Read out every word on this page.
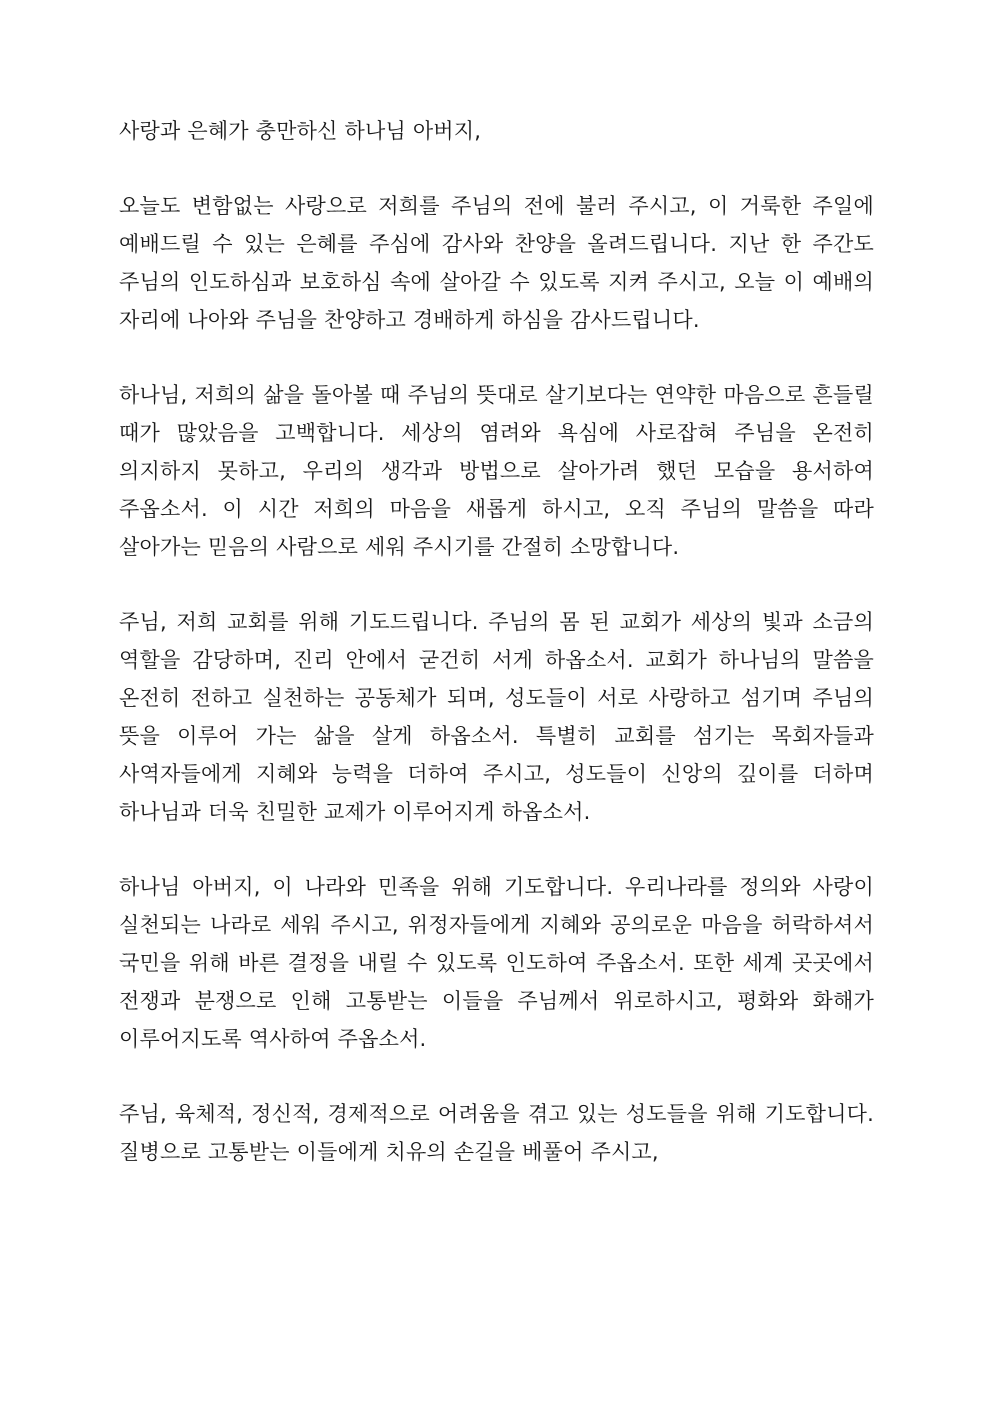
사랑과 은혜가 충만하신 하나님 아버지,

오늘도 변함없는 사랑으로 저희를 주님의 전에 불러 주시고, 이 거룩한 주일에 예배드릴 수 있는 은혜를 주심에 감사와 찬양을 올려드립니다. 지난 한 주간도 주님의 인도하심과 보호하심 속에 살아갈 수 있도록 지켜 주시고, 오늘 이 예배의 자리에 나아와 주님을 찬양하고 경배하게 하심을 감사드립니다.

하나님, 저희의 삶을 돌아볼 때 주님의 뜻대로 살기보다는 연약한 마음으로 흔들릴 때가 많았음을 고백합니다. 세상의 염려와 욕심에 사로잡혀 주님을 온전히 의지하지 못하고, 우리의 생각과 방법으로 살아가려 했던 모습을 용서하여 주옵소서. 이 시간 저희의 마음을 새롭게 하시고, 오직 주님의 말씀을 따라 살아가는 믿음의 사람으로 세워 주시기를 간절히 소망합니다.

주님, 저희 교회를 위해 기도드립니다. 주님의 몸 된 교회가 세상의 빛과 소금의 역할을 감당하며, 진리 안에서 굳건히 서게 하옵소서. 교회가 하나님의 말씀을 온전히 전하고 실천하는 공동체가 되며, 성도들이 서로 사랑하고 섬기며 주님의 뜻을 이루어 가는 삶을 살게 하옵소서. 특별히 교회를 섬기는 목회자들과 사역자들에게 지혜와 능력을 더하여 주시고, 성도들이 신앙의 깊이를 더하며 하나님과 더욱 친밀한 교제가 이루어지게 하옵소서.

하나님 아버지, 이 나라와 민족을 위해 기도합니다. 우리나라를 정의와 사랑이 실천되는 나라로 세워 주시고, 위정자들에게 지혜와 공의로운 마음을 허락하셔서 국민을 위해 바른 결정을 내릴 수 있도록 인도하여 주옵소서. 또한 세계 곳곳에서 전쟁과 분쟁으로 인해 고통받는 이들을 주님께서 위로하시고, 평화와 화해가 이루어지도록 역사하여 주옵소서.

주님, 육체적, 정신적, 경제적으로 어려움을 겪고 있는 성도들을 위해 기도합니다. 질병으로 고통받는 이들에게 치유의 손길을 베풀어 주시고,
